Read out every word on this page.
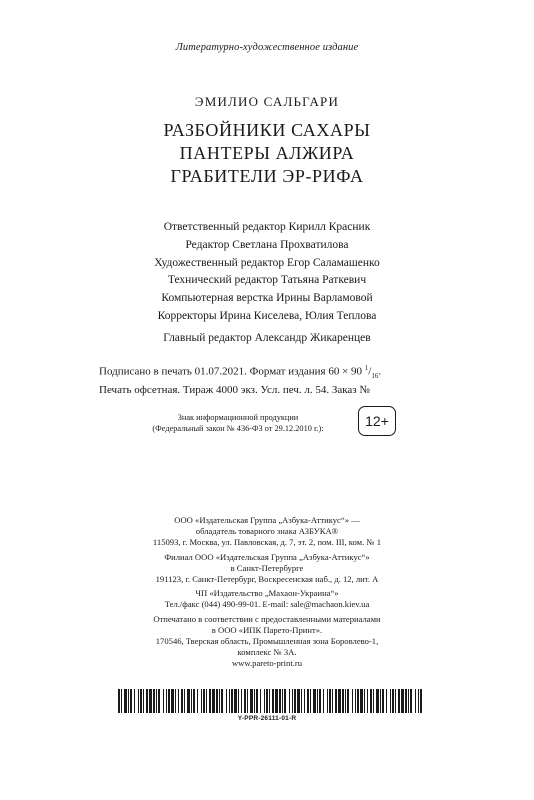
Литературно-художественное издание
ЭМИЛИО САЛЬГАРИ
РАЗБОЙНИКИ САХАРЫ
ПАНТЕРЫ АЛЖИРА
ГРАБИТЕЛИ ЭР-РИФА
Ответственный редактор Кирилл Красник
Редактор Светлана Прохватилова
Художественный редактор Егор Саламашенко
Технический редактор Татьяна Раткевич
Компьютерная верстка Ирины Варламовой
Корректоры Ирина Киселева, Юлия Теплова
Главный редактор Александр Жикаренцев
Подписано в печать 01.07.2021. Формат издания 60 × 90 $^1/_{16}$.
Печать офсетная. Тираж 4000 экз. Усл. печ. л. 54. Заказ №
Знак информационной продукции
(Федеральный закон № 436-ФЗ от 29.12.2010 г.):	12+
ООО «Издательская Группа „Азбука-Аттикус“» —
обладатель товарного знака АЗБУКА®
115093, г. Москва, ул. Павловская, д. 7, эт. 2, пом. III, ком. № 1
Филиал ООО «Издательская Группа „Азбука-Аттикус“»
в Санкт-Петербурге
191123, г. Санкт-Петербург, Воскресенская наб., д. 12, лит. А
ЧП «Издательство „Махаон-Украина“»
Тел./факс (044) 490-99-01. E-mail: sale@machaon.kiev.ua
Отпечатано в соответствии с предоставленными материалами
в ООО «ИПК Парето-Принт».
170546, Тверская область, Промышленная зона Боровлево-1,
комплекс № 3А.
www.pareto-print.ru
Y-PPR-26111-01-R
